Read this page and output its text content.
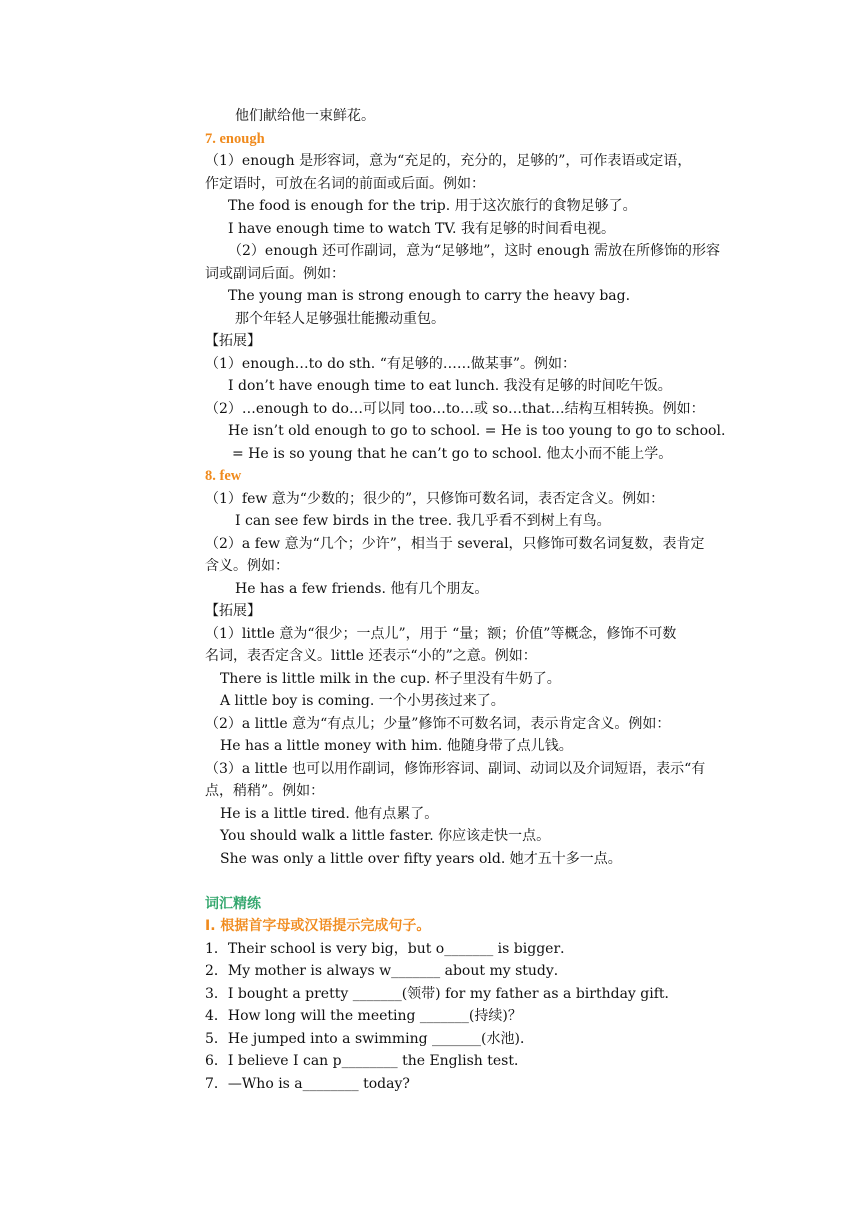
他们献给他一束鲜花。
7. enough
（1）enough 是形容词，意为“充足的，充分的，足够的”，可作表语或定语，
作定语时，可放在名词的前面或后面。例如：
The food is enough for the trip. 用于这次旅行的食物足够了。
I have enough time to watch TV. 我有足够的时间看电视。
（2）enough 还可作副词，意为“足够地”，这时 enough 需放在所修饰的形容
词或副词后面。例如：
The young man is strong enough to carry the heavy bag.
那个年轻人足够强壮能搬动重包。
【拓展】
（1）enough…to do sth. “有足够的……做某事”。例如：
I don’t have enough time to eat lunch. 我没有足够的时间吃午饭。
（2）…enough to do…可以同 too…to…或 so…that…结构互相转换。例如：
He isn’t old enough to go to school. = He is too young to go to school.
= He is so young that he can’t go to school. 他太小而不能上学。
8. few
（1）few 意为“少数的；很少的”，只修饰可数名词，表否定含义。例如：
I can see few birds in the tree. 我几乎看不到树上有鸟。
（2）a few 意为“几个；少许”，相当于 several，只修饰可数名词复数，表肯定
含义。例如：
He has a few friends. 他有几个朋友。
【拓展】
（1）little 意为“很少；一点儿”，用于 “量；额；价值”等概念，修饰不可数
名词，表否定含义。little 还表示“小的”之意。例如：
There is little milk in the cup. 杯子里没有牛奶了。
A little boy is coming. 一个小男孩过来了。
（2）a little 意为“有点儿；少量”修饰不可数名词，表示肯定含义。例如：
He has a little money with him. 他随身带了点儿钱。
（3）a little 也可以用作副词，修饰形容词、副词、动词以及介词短语，表示“有
点，稍稍”。例如：
He is a little tired. 他有点累了。
You should walk a little faster. 你应该走快一点。
She was only a little over fifty years old. 她才五十多一点。
词汇精练
Ⅰ. 根据首字母或汉语提示完成句子。
1．Their school is very big，but o_______ is bigger．
2．My mother is always w_______ about my study．
3．I bought a pretty _______(领带) for my father as a birthday gift．
4．How long will the meeting _______(持续)？
5．He jumped into a swimming _______(水池)．
6．I believe I can p________ the English test．
7．—Who is a________ today?
